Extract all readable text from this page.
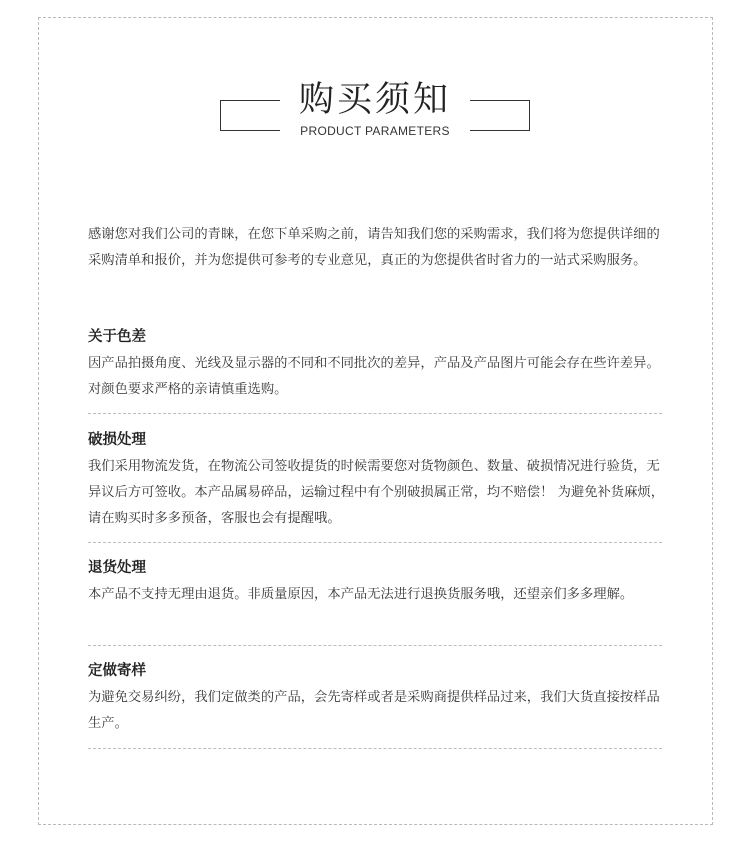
购买须知
PRODUCT PARAMETERS
感谢您对我们公司的青睐，在您下单采购之前，请告知我们您的采购需求，我们将为您提供详细的采购清单和报价，并为您提供可参考的专业意见，真正的为您提供省时省力的一站式采购服务。
关于色差

因产品拍摄角度、光线及显示器的不同和不同批次的差异，产品及产品图片可能会存在些许差异。对颜色要求严格的亲请慎重选购。

破损处理

我们采用物流发货，在物流公司签收提货的时候需要您对货物颜色、数量、破损情况进行验货，无异议后方可签收。本产品属易碎品，运输过程中有个别破损属正常，均不赔偿！ 为避免补货麻烦，请在购买时多多预备，客服也会有提醒哦。

退货处理

本产品不支持无理由退货。非质量原因，本产品无法进行退换货服务哦，还望亲们多多理解。

定做寄样

为避免交易纠纷，我们定做类的产品，会先寄样或者是采购商提供样品过来，我们大货直接按样品生产。
